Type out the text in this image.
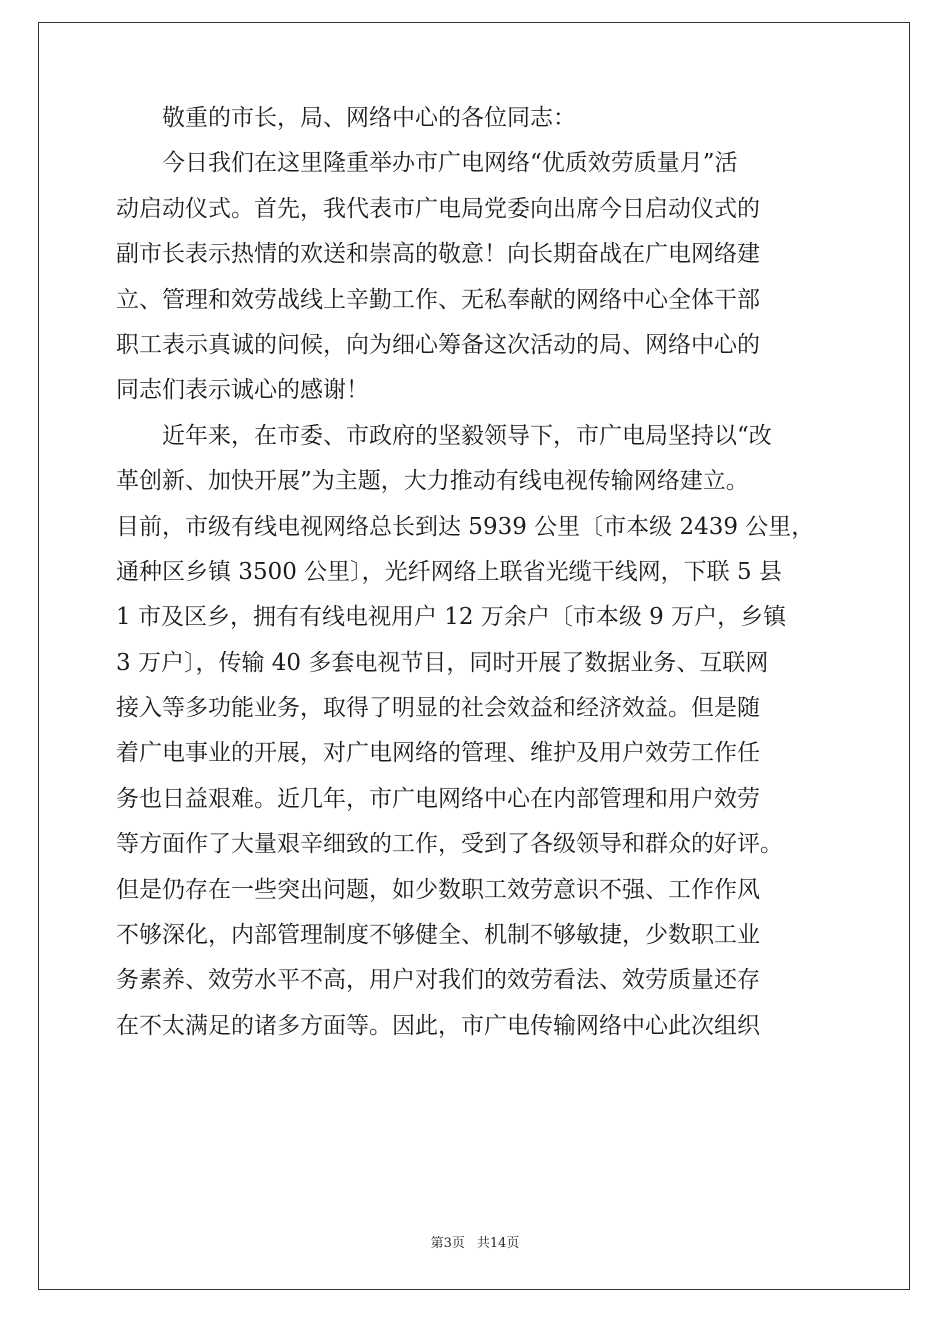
敬重的市长，局、网络中心的各位同志：
今日我们在这里隆重举办市广电网络“优质效劳质量月”活
动启动仪式。首先，我代表市广电局党委向出席今日启动仪式的
副市长表示热情的欢送和崇高的敬意！向长期奋战在广电网络建
立、管理和效劳战线上辛勤工作、无私奉献的网络中心全体干部
职工表示真诚的问候，向为细心筹备这次活动的局、网络中心的
同志们表示诚心的感谢！
近年来，在市委、市政府的坚毅领导下，市广电局坚持以“改
革创新、加快开展”为主题，大力推动有线电视传输网络建立。
目前，市级有线电视网络总长到达 5939 公里〔市本级 2439 公里，
通种区乡镇 3500 公里〕，光纤网络上联省光缆干线网，下联 5 县
1 市及区乡，拥有有线电视用户 12 万余户〔市本级 9 万户，乡镇
3 万户〕，传输 40 多套电视节目，同时开展了数据业务、互联网
接入等多功能业务，取得了明显的社会效益和经济效益。但是随
着广电事业的开展，对广电网络的管理、维护及用户效劳工作任
务也日益艰难。近几年，市广电网络中心在内部管理和用户效劳
等方面作了大量艰辛细致的工作，受到了各级领导和群众的好评。
但是仍存在一些突出问题，如少数职工效劳意识不强、工作作风
不够深化，内部管理制度不够健全、机制不够敏捷，少数职工业
务素养、效劳水平不高，用户对我们的效劳看法、效劳质量还存
在不太满足的诸多方面等。因此，市广电传输网络中心此次组织
第3页 共14页
